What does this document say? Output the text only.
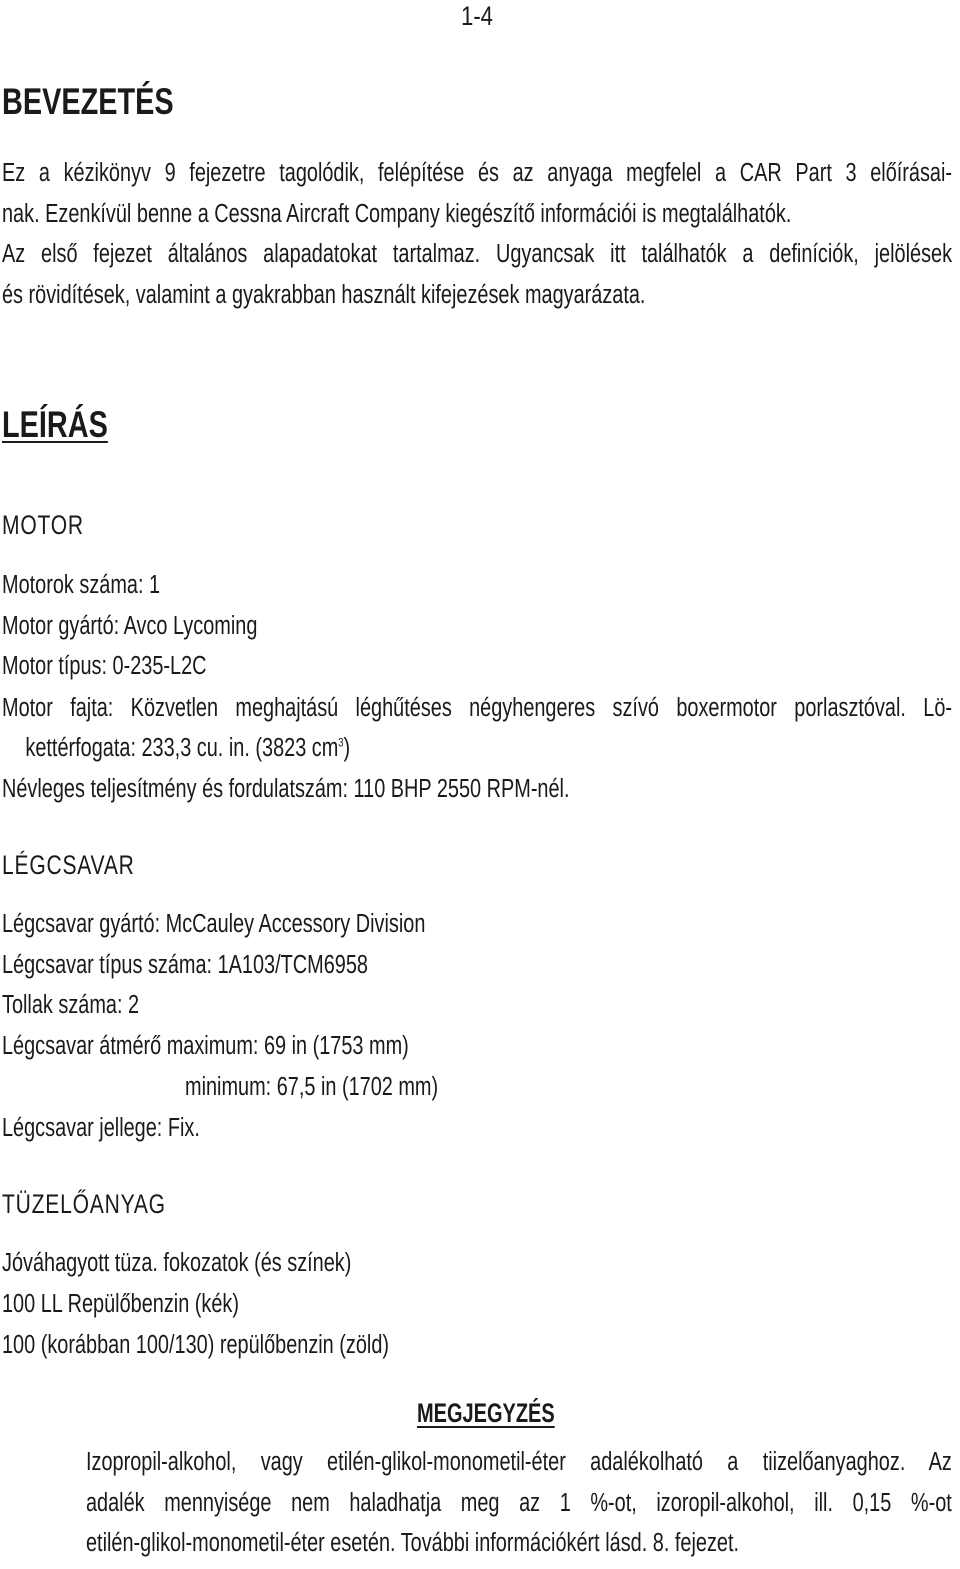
1-4
BEVEZETÉS
Ez a kézikönyv 9 fejezetre tagolódik, felépítése és az anyaga megfelel a CAR Part 3 előírásai-
nak. Ezenkívül benne a Cessna Aircraft Company kiegészítő információi is megtalálhatók.
Az első fejezet általános alapadatokat tartalmaz. Ugyancsak itt találhatók a definíciók, jelölések
és rövidítések, valamint a gyakrabban használt kifejezések magyarázata.
LEÍRÁS
MOTOR
Motorok száma: 1
Motor gyártó: Avco Lycoming
Motor típus: 0-235-L2C
Motor fajta: Közvetlen meghajtású léghűtéses négyhengeres szívó boxermotor porlasztóval. Lö-
kettérfogata: 233,3 cu. in. (3823 $cm^3$)
Névleges teljesítmény és fordulatszám: 110 BHP 2550 RPM-nél.
LÉGCSAVAR
Légcsavar gyártó: McCauley Accessory Division
Légcsavar típus száma: 1A103/TCM6958
Tollak száma: 2
Légcsavar átmérő maximum: 69 in (1753 mm)
minimum: 67,5 in (1702 mm)
Légcsavar jellege: Fix.
TÜZELŐANYAG
Jóváhagyott tüza. fokozatok (és színek)
100 LL Repülőbenzin (kék)
100 (korábban 100/130) repülőbenzin (zöld)
MEGJEGYZÉS
Izopropil-alkohol, vagy etilén-glikol-monometil-éter adalékolható a tiizelőanyaghoz. Az
adalék mennyisége nem haladhatja meg az 1 %-ot, izoropil-alkohol, ill. 0,15 %-ot
etilén-glikol-monometil-éter esetén. További információkért lásd. 8. fejezet.
